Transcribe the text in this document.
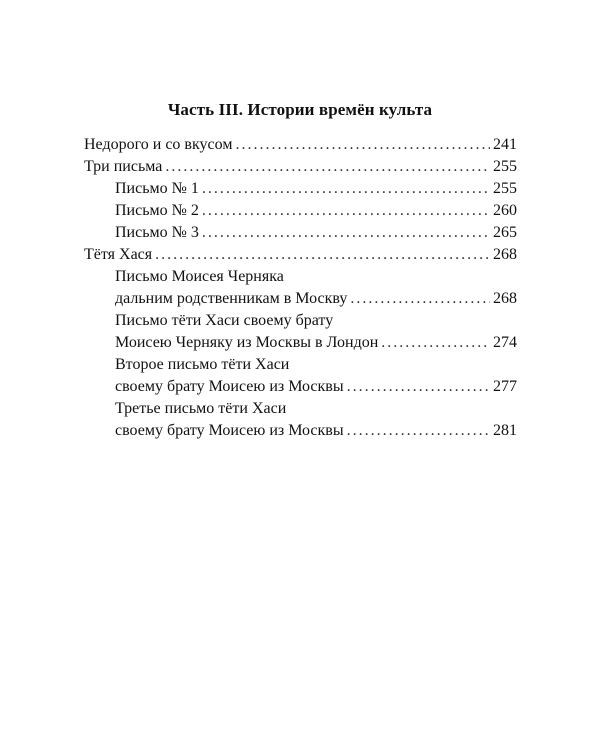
Часть III. Истории времён культа
Недорого и со вкусом . . .	241
Три письма . . .	255
Письмо № 1 . . .	255
Письмо № 2 . . .	260
Письмо № 3 . . .	265
Тётя Хася . . .	268
Письмо Моисея Черняка
дальним родственникам в Москву . . .	268
Письмо тёти Хаси своему брату
Моисею Черняку из Москвы в Лондон . . .	274
Второе письмо тёти Хаси
своему брату Моисею из Москвы . . .	277
Третье письмо тёти Хаси
своему брату Моисею из Москвы . . .	281
